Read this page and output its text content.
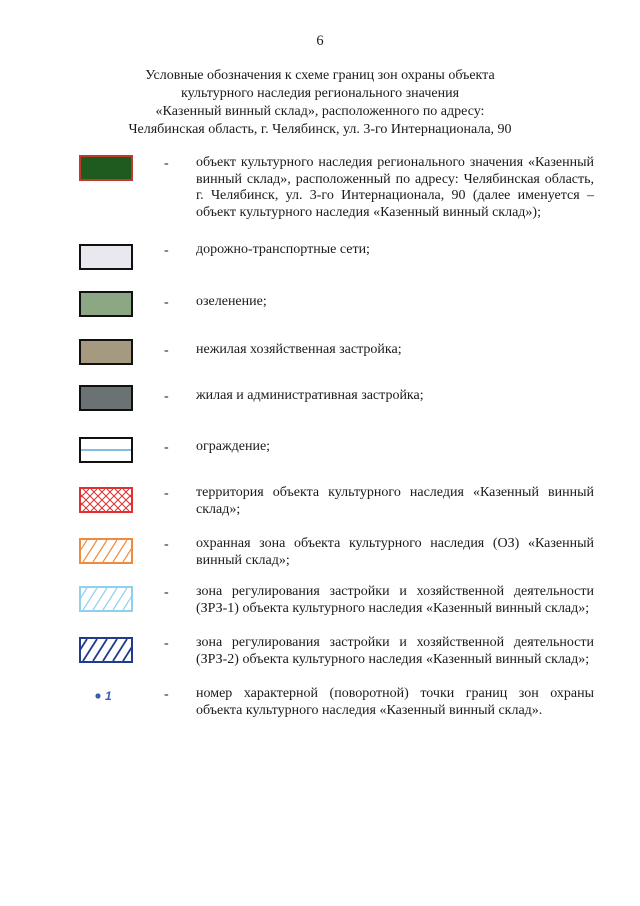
6
Условные обозначения к схеме границ зон охраны объекта
культурного наследия регионального значения
«Казенный винный склад», расположенного по адресу:
Челябинская область, г. Челябинск, ул. 3-го Интернационала, 90
- объект культурного наследия регионального значения «Казенный винный склад», расположенный по адресу: Челябинская область, г. Челябинск, ул. 3-го Интернационала, 90 (далее именуется – объект культурного наследия «Казенный винный склад»);
- дорожно-транспортные сети;
- озеленение;
- нежилая хозяйственная застройка;
- жилая и административная застройка;
- ограждение;
- территория объекта культурного наследия «Казенный винный склад»;
- охранная зона объекта культурного наследия (ОЗ) «Казенный винный склад»;
- зона регулирования застройки и хозяйственной деятельности (ЗРЗ-1) объекта культурного наследия «Казенный винный склад»;
- зона регулирования застройки и хозяйственной деятельности (ЗРЗ-2) объекта культурного наследия «Казенный винный склад»;
1	- номер характерной (поворотной) точки границ зон охраны объекта культурного наследия «Казенный винный склад».
